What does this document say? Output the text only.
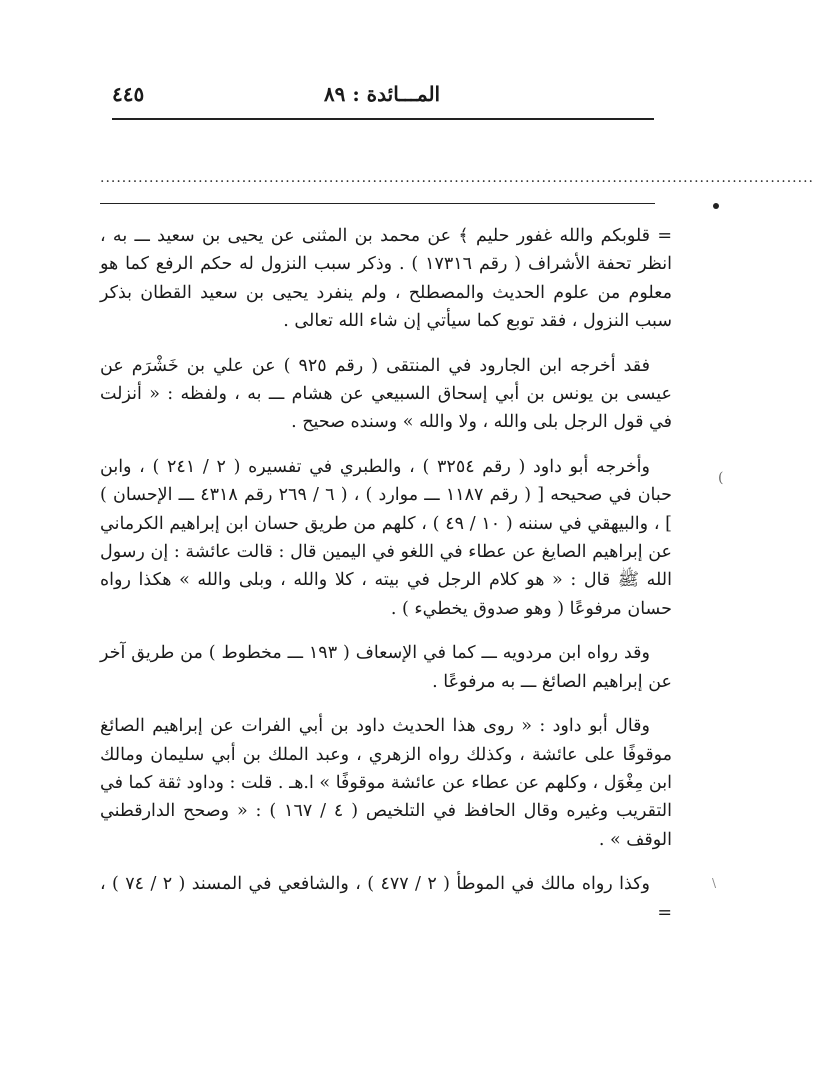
المـــائدة : ٨٩
٤٤٥
...................................................................................................................................
(
\

= قلوبكم والله غفور حليم ﴾ عن محمد بن المثنى عن يحيى بن سعيد ـــ به ، انظر تحفة الأشراف ( رقم ١٧٣١٦ ) . وذكر سبب النزول له حكم الرفع كما هو معلوم من علوم الحديث والمصطلح ، ولم ينفرد يحيى بن سعيد القطان بذكر سبب النزول ، فقد توبع كما سيأتي إن شاء الله تعالى .

فقد أخرجه ابن الجارود في المنتقى ( رقم ٩٢٥ ) عن علي بن خَشْرَم عن عيسى بن يونس بن أبي إسحاق السبيعي عن هشام ـــ به ، ولفظه : « أنزلت في قول الرجل بلى والله ، ولا والله » وسنده صحيح .

وأخرجه أبو داود ( رقم ٣٢٥٤ ) ، والطبري في تفسيره ( ٢ / ٢٤١ ) ، وابن حبان في صحيحه [ ( رقم ١١٨٧ ـــ موارد ) ، ( ٦ / ٢٦٩ رقم ٤٣١٨ ـــ الإحسان ) ] ، والبيهقي في سننه ( ١٠ / ٤٩ ) ، كلهم من طريق حسان ابن إبراهيم الكرماني عن إبراهيم الصايغ عن عطاء في اللغو في اليمين قال : قالت عائشة : إن رسول الله ﷺ قال : « هو كلام الرجل في بيته ، كلا والله ، وبلى والله » هكذا رواه حسان مرفوعًا ( وهو صدوق يخطيء ) .

وقد رواه ابن مردويه ـــ كما في الإسعاف ( ١٩٣ ـــ مخطوط ) من طريق آخر عن إبراهيم الصائغ ـــ به مرفوعًا .

وقال أبو داود : « روى هذا الحديث داود بن أبي الفرات عن إبراهيم الصائغ موقوفًا على عائشة ، وكذلك رواه الزهري ، وعبد الملك بن أبي سليمان ومالك ابن مِغْوَل ، وكلهم عن عطاء عن عائشة موقوفًا » ا.هـ . قلت : وداود ثقة كما في التقريب وغيره وقال الحافظ في التلخيص ( ٤ / ١٦٧ ) : « وصحح الدارقطني الوقف » .

وكذا رواه مالك في الموطأ ( ٢ / ٤٧٧ ) ، والشافعي في المسند ( ٢ / ٧٤ ) ، =
